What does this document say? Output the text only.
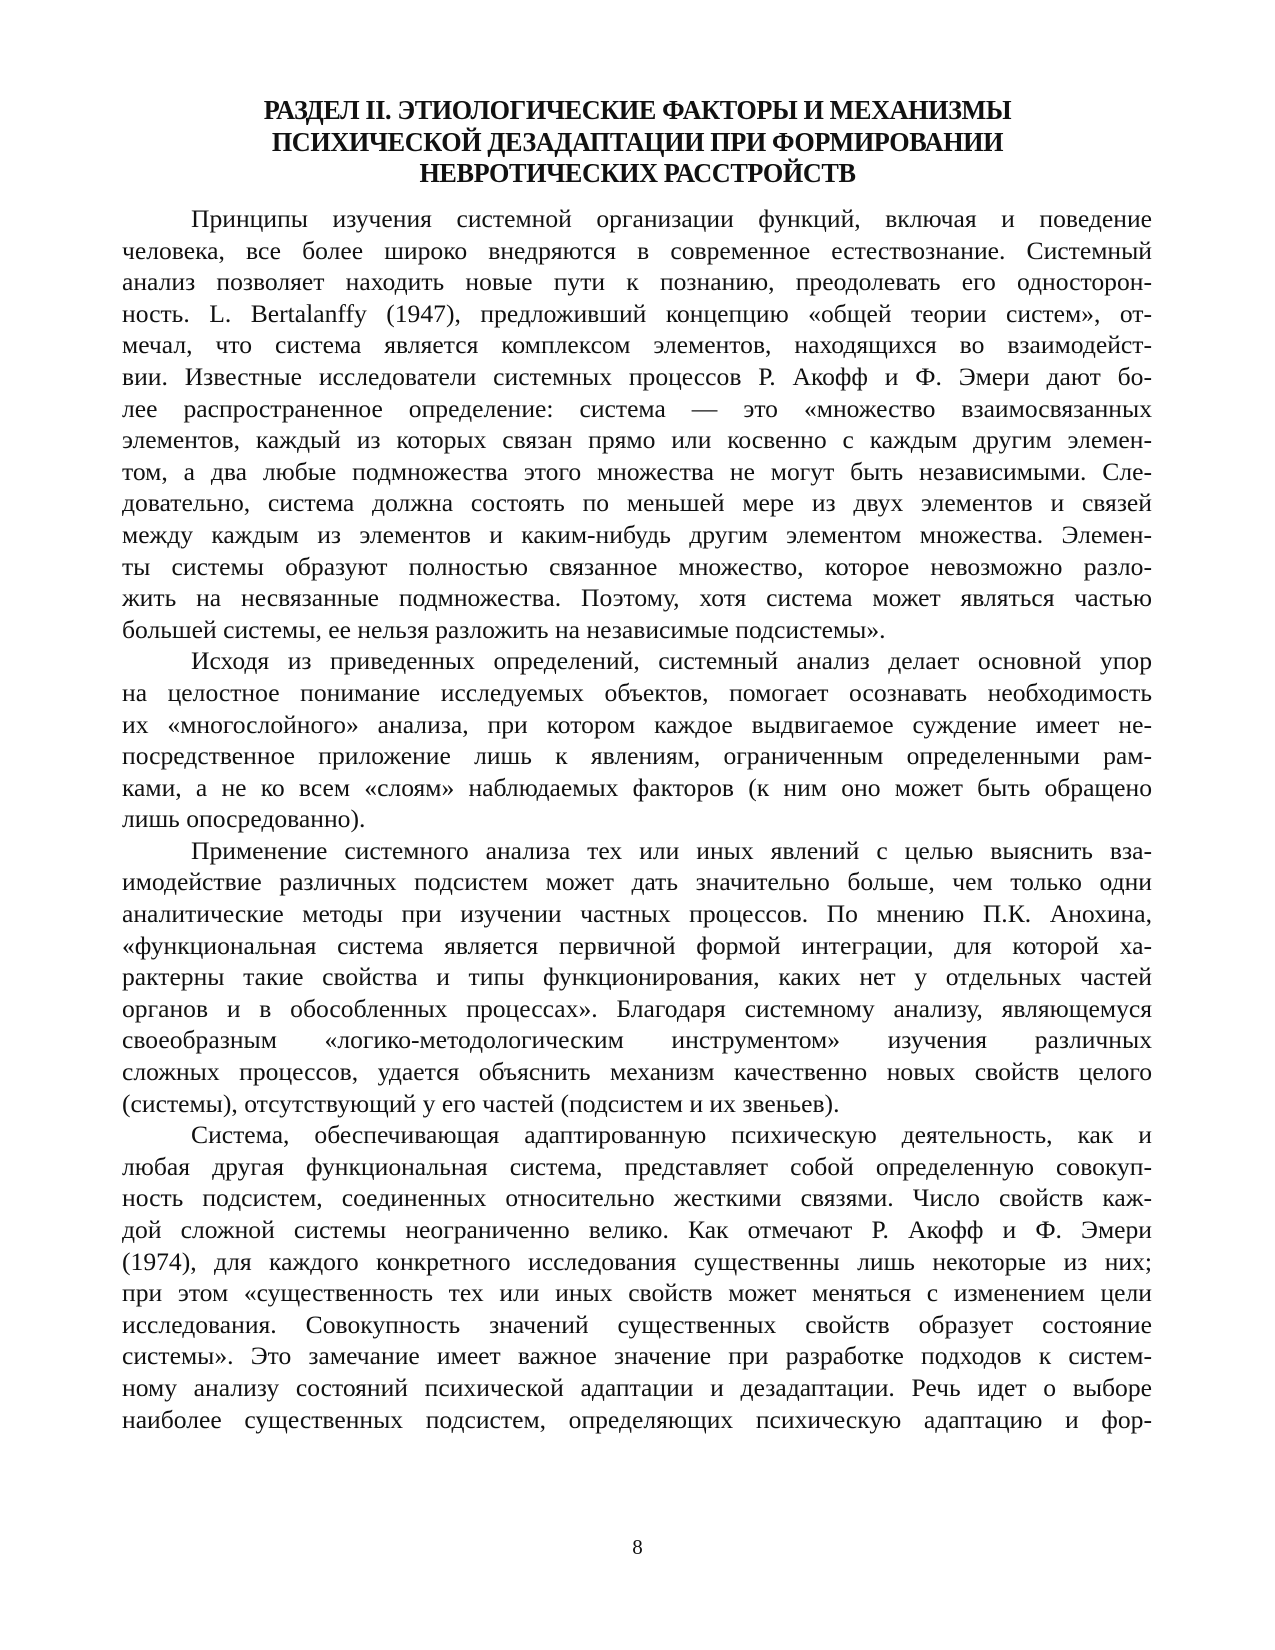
РАЗДЕЛ II. ЭТИОЛОГИЧЕСКИЕ ФАКТОРЫ И МЕХАНИЗМЫ
ПСИХИЧЕСКОЙ ДЕЗАДАПТАЦИИ ПРИ ФОРМИРОВАНИИ
НЕВРОТИЧЕСКИХ РАССТРОЙСТВ
Принципы изучения системной организации функций, включая и поведение
человека, все более широко внедряются в современное естествознание. Системный
анализ позволяет находить новые пути к познанию, преодолевать его односторон-
ность. L. Bertalanffy (1947), предложивший концепцию «общей теории систем», от-
мечал, что система является комплексом элементов, находящихся во взаимодейст-
вии. Известные исследователи системных процессов Р. Акофф и Ф. Эмери дают бо-
лее распространенное определение: система — это «множество взаимосвязанных
элементов, каждый из которых связан прямо или косвенно с каждым другим элемен-
том, а два любые подмножества этого множества не могут быть независимыми. Сле-
довательно, система должна состоять по меньшей мере из двух элементов и связей
между каждым из элементов и каким-нибудь другим элементом множества. Элемен-
ты системы образуют полностью связанное множество, которое невозможно разло-
жить на несвязанные подмножества. Поэтому, хотя система может являться частью
большей системы, ее нельзя разложить на независимые подсистемы».
Исходя из приведенных определений, системный анализ делает основной упор
на целостное понимание исследуемых объектов, помогает осознавать необходимость
их «многослойного» анализа, при котором каждое выдвигаемое суждение имеет не-
посредственное приложение лишь к явлениям, ограниченным определенными рам-
ками, а не ко всем «слоям» наблюдаемых факторов (к ним оно может быть обращено
лишь опосредованно).
Применение системного анализа тех или иных явлений с целью выяснить вза-
имодействие различных подсистем может дать значительно больше, чем только одни
аналитические методы при изучении частных процессов. По мнению П.К. Анохина,
«функциональная система является первичной формой интеграции, для которой ха-
рактерны такие свойства и типы функционирования, каких нет у отдельных частей
органов и в обособленных процессах». Благодаря системному анализу, являющемуся
своеобразным «логико-методологическим инструментом» изучения различных
сложных процессов, удается объяснить механизм качественно новых свойств целого
(системы), отсутствующий у его частей (подсистем и их звеньев).
Система, обеспечивающая адаптированную психическую деятельность, как и
любая другая функциональная система, представляет собой определенную совокуп-
ность подсистем, соединенных относительно жесткими связями. Число свойств каж-
дой сложной системы неограниченно велико. Как отмечают Р. Акофф и Ф. Эмери
(1974), для каждого конкретного исследования существенны лишь некоторые из них;
при этом «существенность тех или иных свойств может меняться с изменением цели
исследования. Совокупность значений существенных свойств образует состояние
системы». Это замечание имеет важное значение при разработке подходов к систем-
ному анализу состояний психической адаптации и дезадаптации. Речь идет о выборе
наиболее существенных подсистем, определяющих психическую адаптацию и фор-
8
